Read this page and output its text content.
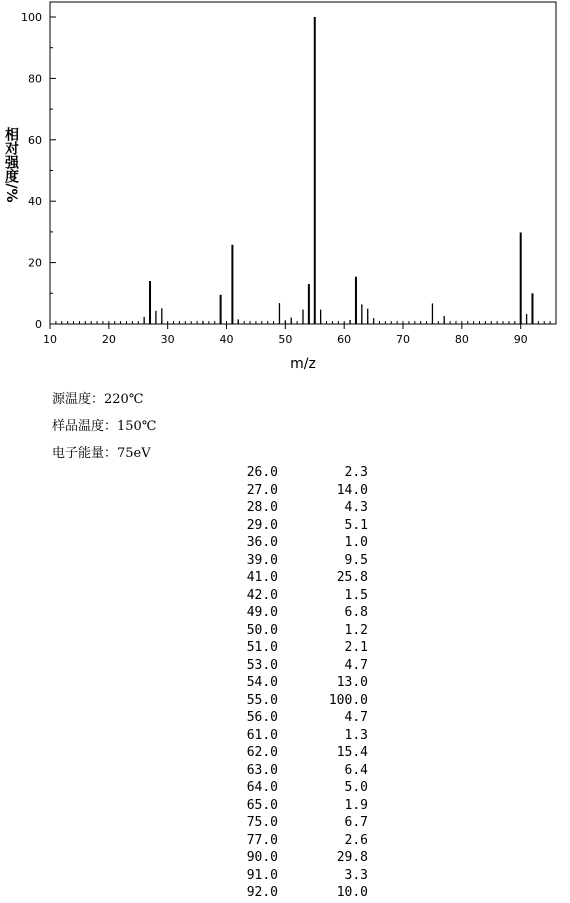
0
20
40
60
80
100
10	20	30	40	50	60	70	80	90
m/z
相对强度/%
源温度：220℃
样品温度：150℃
电子能量：75eV
26.0	2.3
27.0	14.0
28.0	4.3
29.0	5.1
36.0	1.0
39.0	9.5
41.0	25.8
42.0	1.5
49.0	6.8
50.0	1.2
51.0	2.1
53.0	4.7
54.0	13.0
55.0	100.0
56.0	4.7
61.0	1.3
62.0	15.4
63.0	6.4
64.0	5.0
65.0	1.9
75.0	6.7
77.0	2.6
90.0	29.8
91.0	3.3
92.0	10.0
